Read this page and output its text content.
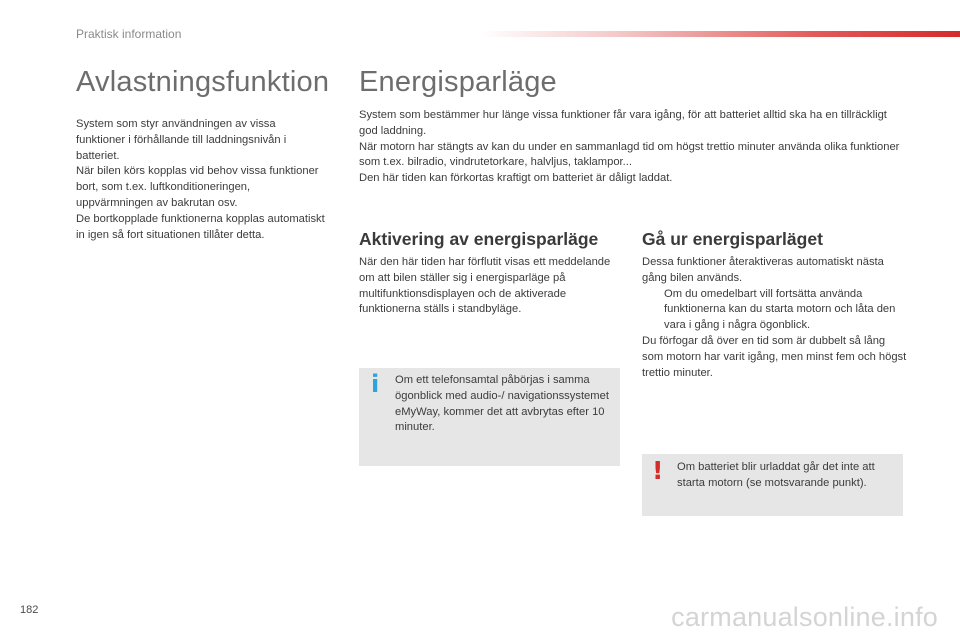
Praktisk information
Avlastningsfunktion

System som styr användningen av vissa funktioner i förhållande till laddningsnivån i batteriet.

När bilen körs kopplas vid behov vissa funktioner bort, som t.ex. luftkonditioneringen, uppvärmningen av bakrutan osv.

De bortkopplade funktionerna kopplas automatiskt in igen så fort situationen tillåter detta.

Energisparläge

System som bestämmer hur länge vissa funktioner får vara igång, för att batteriet alltid ska ha en tillräckligt god laddning.

När motorn har stängts av kan du under en sammanlagd tid om högst trettio minuter använda olika funktioner som t.ex. bilradio, vindrutetorkare, halvljus, taklampor...

Den här tiden kan förkortas kraftigt om batteriet är dåligt laddat.

Aktivering av energisparläge

När den här tiden har förflutit visas ett meddelande om att bilen ställer sig i energisparläge på multifunktionsdisplayen och de aktiverade funktionerna ställs i standbyläge.

i Om ett telefonsamtal påbörjas i samma ögonblick med audio-/ navigationssystemet eMyWay, kommer det att avbrytas efter 10 minuter.
Gå ur energisparläget

Dessa funktioner återaktiveras automatiskt nästa gång bilen används.

Om du omedelbart vill fortsätta använda funktionerna kan du starta motorn och låta den vara i gång i några ögonblick.

Du förfogar då över en tid som är dubbelt så lång som motorn har varit igång, men minst fem och högst trettio minuter.

! Om batteriet blir urladdat går det inte att starta motorn (se motsvarande punkt).
182	carmanualsonline.info
